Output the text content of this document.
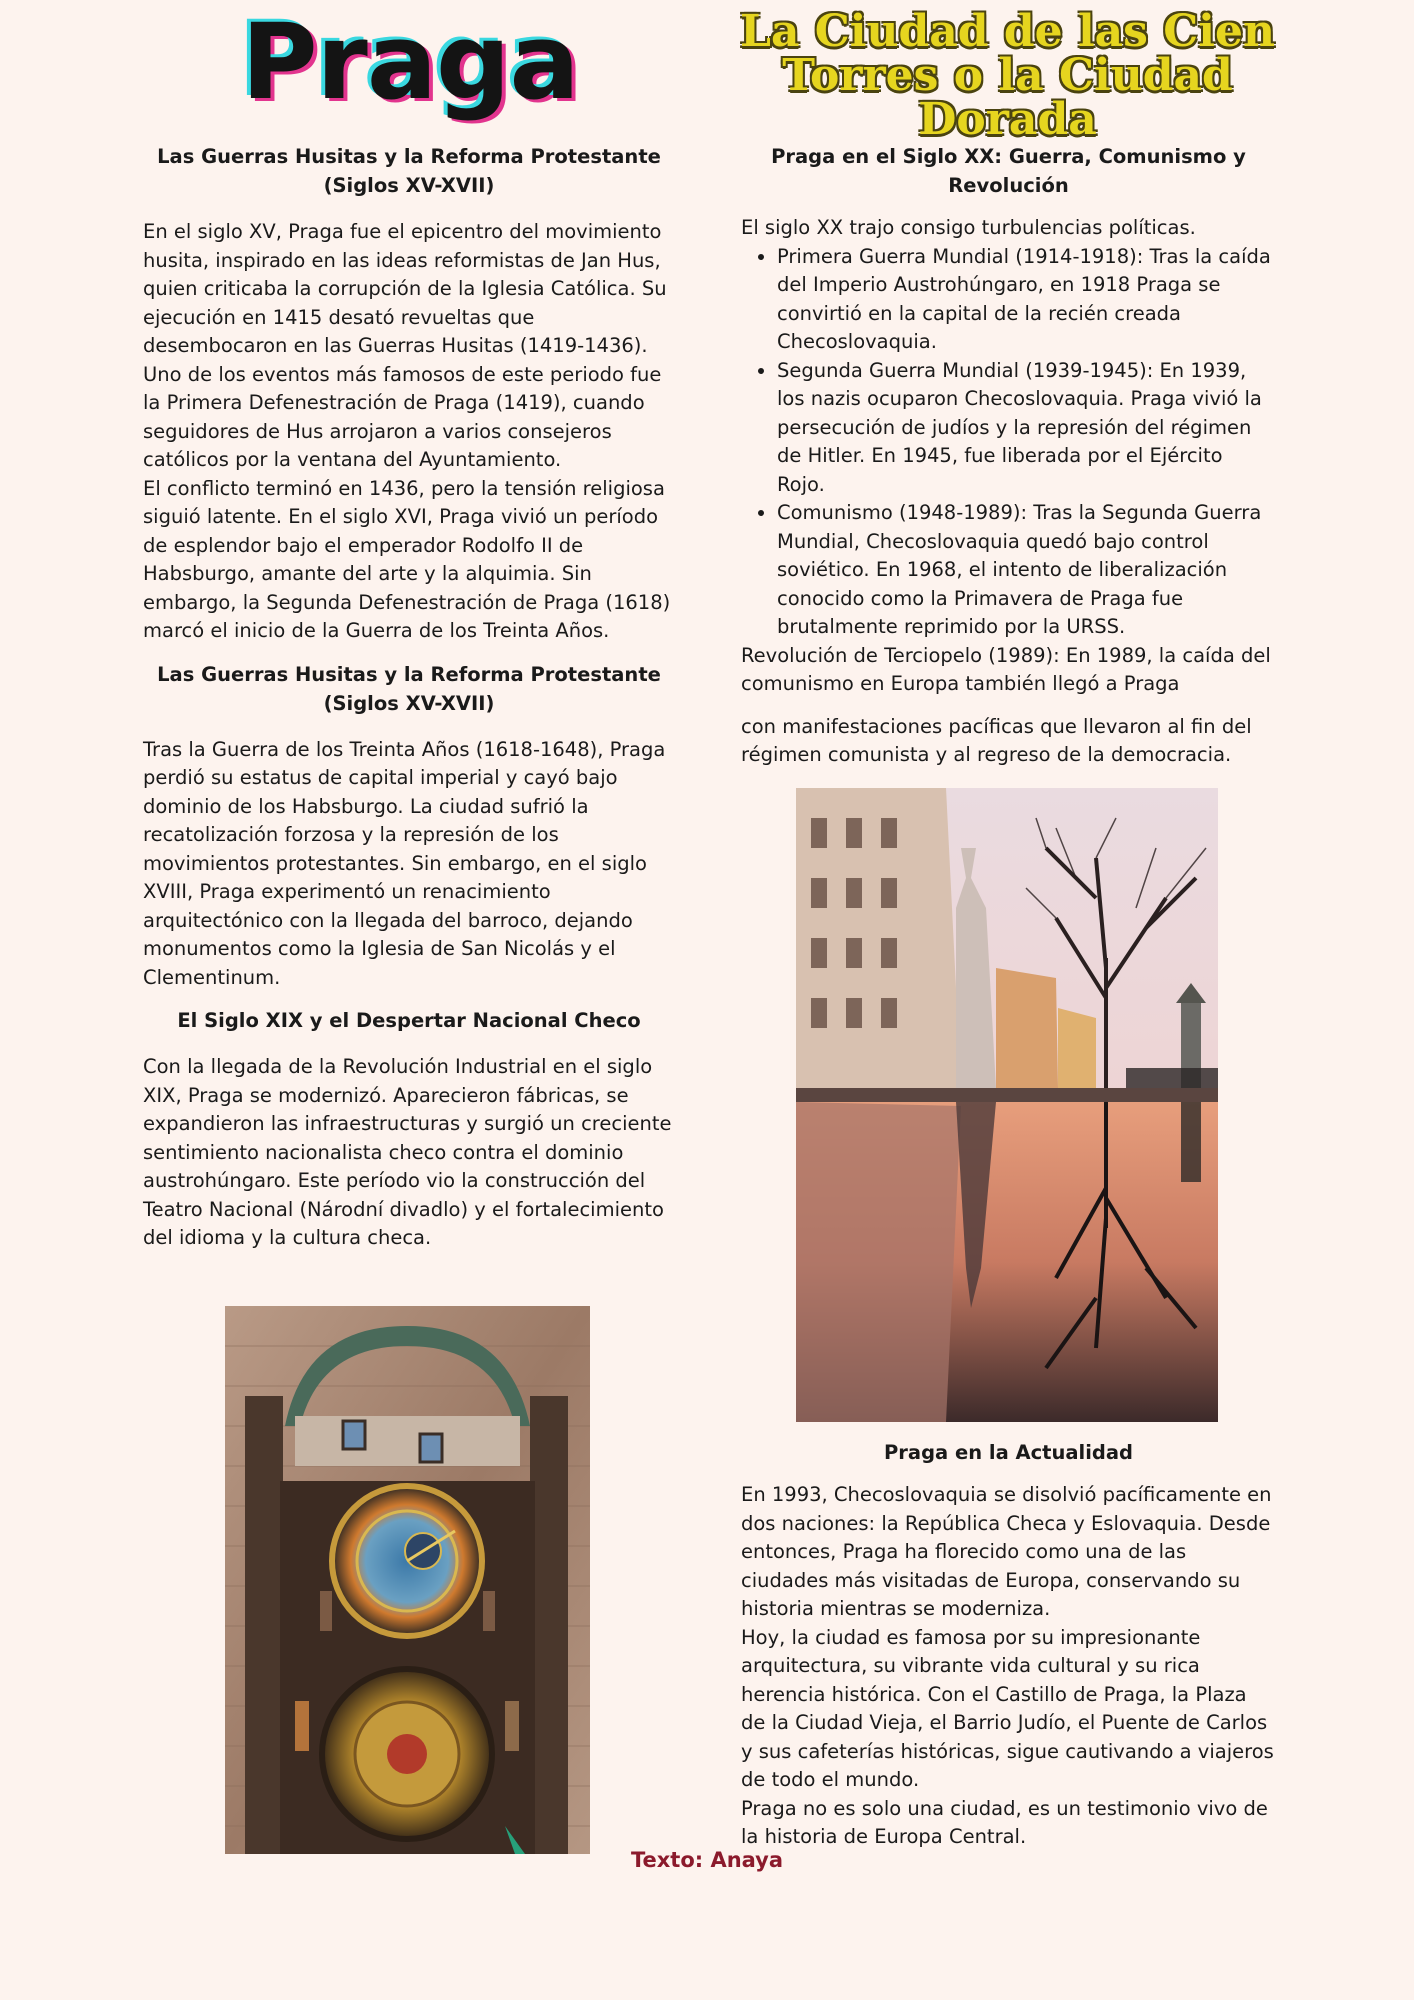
Praga	La Ciudad de las Cien Torres o la Ciudad Dorada
Las Guerras Husitas y la Reforma Protestante (Siglos XV-XVII)

En el siglo XV, Praga fue el epicentro del movimiento husita, inspirado en las ideas reformistas de Jan Hus, quien criticaba la corrupción de la Iglesia Católica. Su ejecución en 1415 desató revueltas que desembocaron en las Guerras Husitas (1419-1436). Uno de los eventos más famosos de este periodo fue la Primera Defenestración de Praga (1419), cuando seguidores de Hus arrojaron a varios consejeros católicos por la ventana del Ayuntamiento.

El conflicto terminó en 1436, pero la tensión religiosa siguió latente. En el siglo XVI, Praga vivió un período de esplendor bajo el emperador Rodolfo II de Habsburgo, amante del arte y la alquimia. Sin embargo, la Segunda Defenestración de Praga (1618) marcó el inicio de la Guerra de los Treinta Años.

Las Guerras Husitas y la Reforma Protestante (Siglos XV-XVII)

Tras la Guerra de los Treinta Años (1618-1648), Praga perdió su estatus de capital imperial y cayó bajo dominio de los Habsburgo. La ciudad sufrió la recatolización forzosa y la represión de los movimientos protestantes. Sin embargo, en el siglo XVIII, Praga experimentó un renacimiento arquitectónico con la llegada del barroco, dejando monumentos como la Iglesia de San Nicolás y el Clementinum.

El Siglo XIX y el Despertar Nacional Checo

Con la llegada de la Revolución Industrial en el siglo XIX, Praga se modernizó. Aparecieron fábricas, se expandieron las infraestructuras y surgió un creciente sentimiento nacionalista checo contra el dominio austrohúngaro. Este período vio la construcción del Teatro Nacional (Národní divadlo) y el fortalecimiento del idioma y la cultura checa.

Praga en el Siglo XX: Guerra, Comunismo y Revolución

El siglo XX trajo consigo turbulencias políticas.

• Primera Guerra Mundial (1914-1918): Tras la caída del Imperio Austrohúngaro, en 1918 Praga se convirtió en la capital de la recién creada Checoslovaquia.
• Segunda Guerra Mundial (1939-1945): En 1939, los nazis ocuparon Checoslovaquia. Praga vivió la persecución de judíos y la represión del régimen de Hitler. En 1945, fue liberada por el Ejército Rojo.
• Comunismo (1948-1989): Tras la Segunda Guerra Mundial, Checoslovaquia quedó bajo control soviético. En 1968, el intento de liberalización conocido como la Primavera de Praga fue brutalmente reprimido por la URSS.

Revolución de Terciopelo (1989): En 1989, la caída del comunismo en Europa también llegó a Praga

con manifestaciones pacíficas que llevaron al fin del régimen comunista y al regreso de la democracia.

Praga en la Actualidad

En 1993, Checoslovaquia se disolvió pacíficamente en dos naciones: la República Checa y Eslovaquia. Desde entonces, Praga ha florecido como una de las ciudades más visitadas de Europa, conservando su historia mientras se moderniza.

Hoy, la ciudad es famosa por su impresionante arquitectura, su vibrante vida cultural y su rica herencia histórica. Con el Castillo de Praga, la Plaza de la Ciudad Vieja, el Barrio Judío, el Puente de Carlos y sus cafeterías históricas, sigue cautivando a viajeros de todo el mundo.

Praga no es solo una ciudad, es un testimonio vivo de la historia de Europa Central.

Texto: Anaya
